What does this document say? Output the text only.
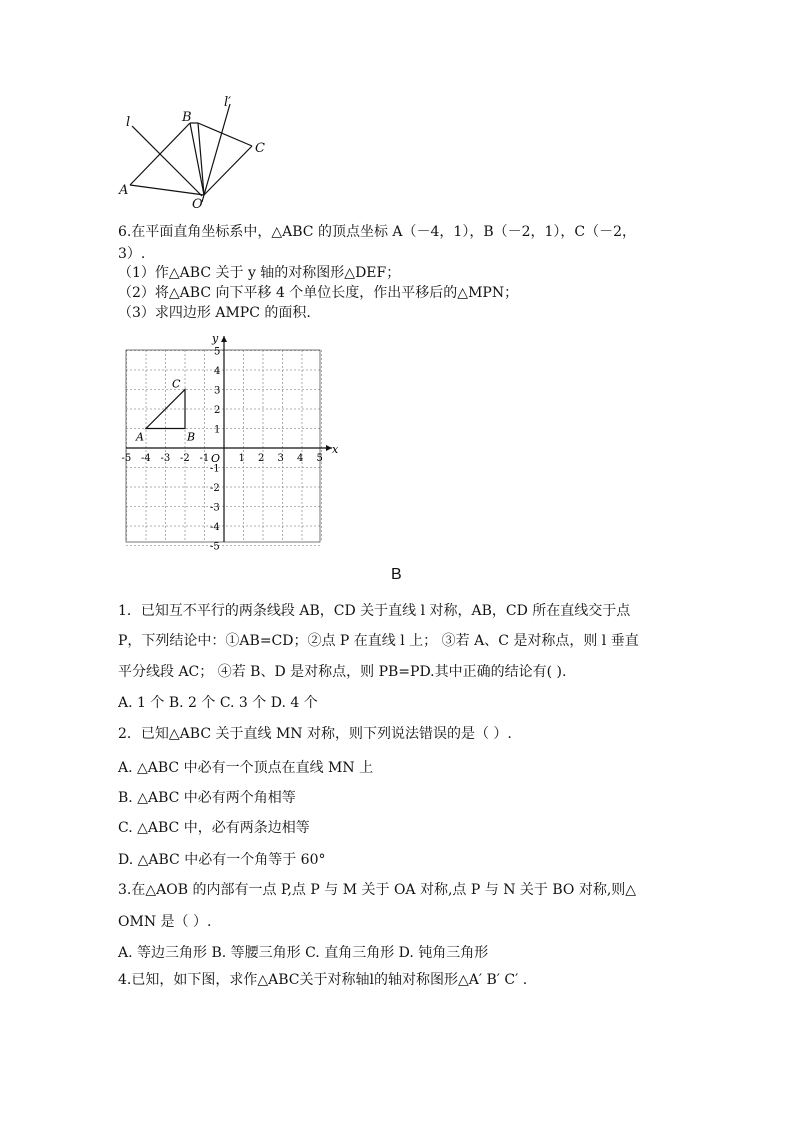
l
l′
B
C
A
O
6.在平面直角坐标系中，△ABC 的顶点坐标 A（－4，1），B（－2，1），C（－2，
3）.
（1）作△ABC 关于 y 轴的对称图形△DEF；
（2）将△ABC 向下平移 4 个单位长度，作出平移后的△MPN；
（3）求四边形 AMPC 的面积.
x
y
O
-5 -4 -3 -2 -1	1 2 3 4 5
5
4
3
2
1
-1
-2
-3
-4
-5
A	B
C
B
1．已知互不平行的两条线段 AB，CD 关于直线 l 对称，AB，CD 所在直线交于点
P，下列结论中：①AB=CD；②点 P 在直线 l 上； ③若 A、C 是对称点，则 l 垂直
平分线段 AC； ④若 B、D 是对称点，则 PB=PD.其中正确的结论有( ).
A. 1 个 B. 2 个 C. 3 个 D. 4 个
2．已知△ABC 关于直线 MN 对称，则下列说法错误的是（ ）.
A. △ABC 中必有一个顶点在直线 MN 上
B. △ABC 中必有两个角相等
C. △ABC 中，必有两条边相等
D. △ABC 中必有一个角等于 60°
3.在△AOB 的内部有一点 P,点 P 与 M 关于 OA 对称,点 P 与 N 关于 BO 对称,则△
OMN 是（ ）.
A. 等边三角形 B. 等腰三角形 C. 直角三角形 D. 钝角三角形
4.已知，如下图，求作△ABC关于对称轴l的轴对称图形△A′ B′ C′ .
